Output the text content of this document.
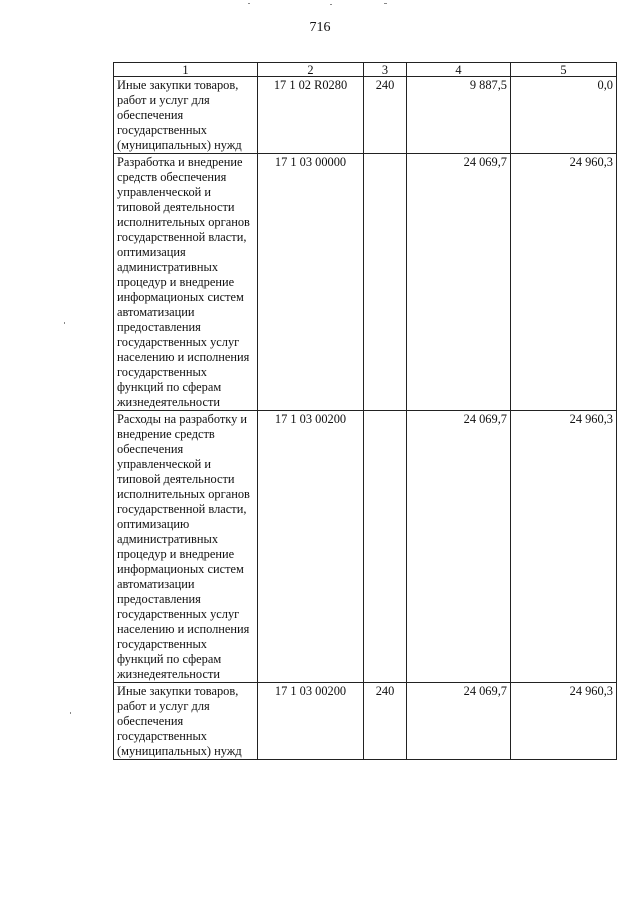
716
1	2	3	4	5
Иные закупки товаров, работ и услуг для обеспечения государственных (муниципальных) нужд	17 1 02 R0280	240	9 887,5	0,0
Разработка и внедрение средств обеспечения управленческой и типовой деятельности исполнительных органов государственной власти, оптимизация административных процедур и внедрение информационых систем автоматизации предоставления государственных услуг населению и исполнения государственных функций по сферам жизнедеятельности	17 1 03 00000		24 069,7	24 960,3
Расходы на разработку и внедрение средств обеспечения управленческой и типовой деятельности исполнительных органов государственной власти, оптимизацию административных процедур и внедрение информационых систем автоматизации предоставления государственных услуг населению и исполнения государственных функций по сферам жизнедеятельности	17 1 03 00200		24 069,7	24 960,3
Иные закупки товаров, работ и услуг для обеспечения государственных (муниципальных) нужд	17 1 03 00200	240	24 069,7	24 960,3
